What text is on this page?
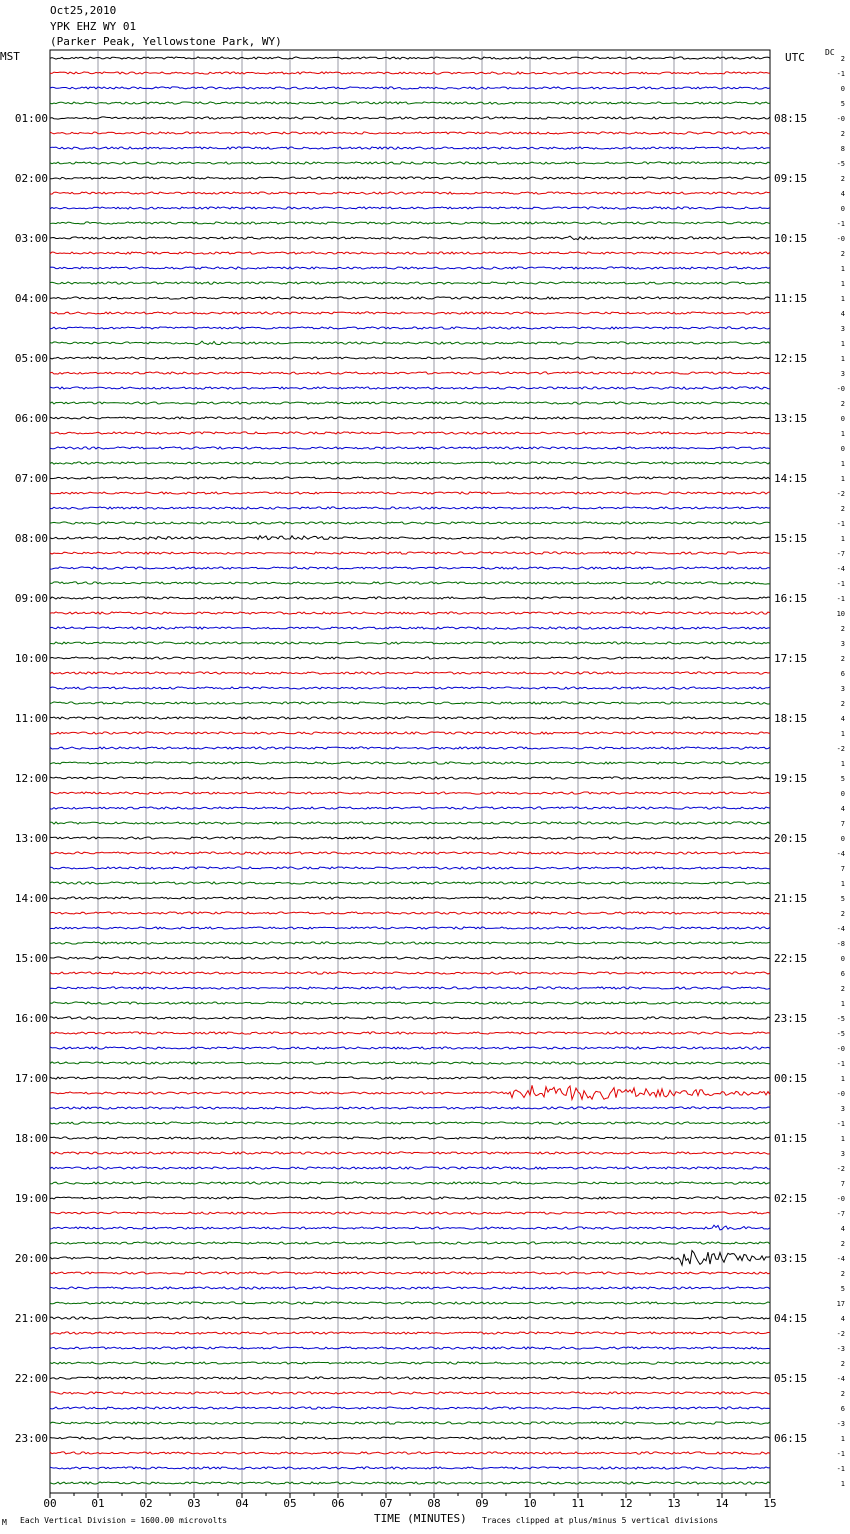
Oct25,2010
YPK EHZ WY 01
(Parker Peak, Yellowstone Park, WY)
MST	UTC	DC
01:00
02:00
03:00
04:00
05:00
06:00
07:00
08:00
09:00
10:00
11:00
12:00
13:00
14:00
15:00
16:00
17:00
18:00
19:00
20:00
21:00
22:00
23:00
08:15
09:15
10:15
11:15
12:15
13:15
14:15
15:15
16:15
17:15
18:15
19:15
20:15
21:15
22:15
23:15
00:15
01:15
02:15
03:15
04:15
05:15
06:15
2
-1
0
5
-0
2
8
-5
2
4
0
-1
-0
2
1
1
1
4
3
1
1
3
-0
2
0
1
0
1
1
-2
2
-1
1
-7
-4
-1
-1
10
2
3
2
6
3
2
4
1
-2
1
5
0
4
7
0
-4
7
1
5
2
-4
-8
0
6
2
1
-5
-5
-0
-1
1
-0
3
-1
1
3
-2
7
-0
-7
4
2
-4
2
5
17
4
-2
-3
2
-4
2
6
-3
1
-1
-1
1
00	01	02	03	04	05	06	07	08	09	10	11	12	13	14	15
M Each Vertical Division = 1600.00 microvolts	TIME (MINUTES) Traces clipped at plus/minus 5 vertical divisions
